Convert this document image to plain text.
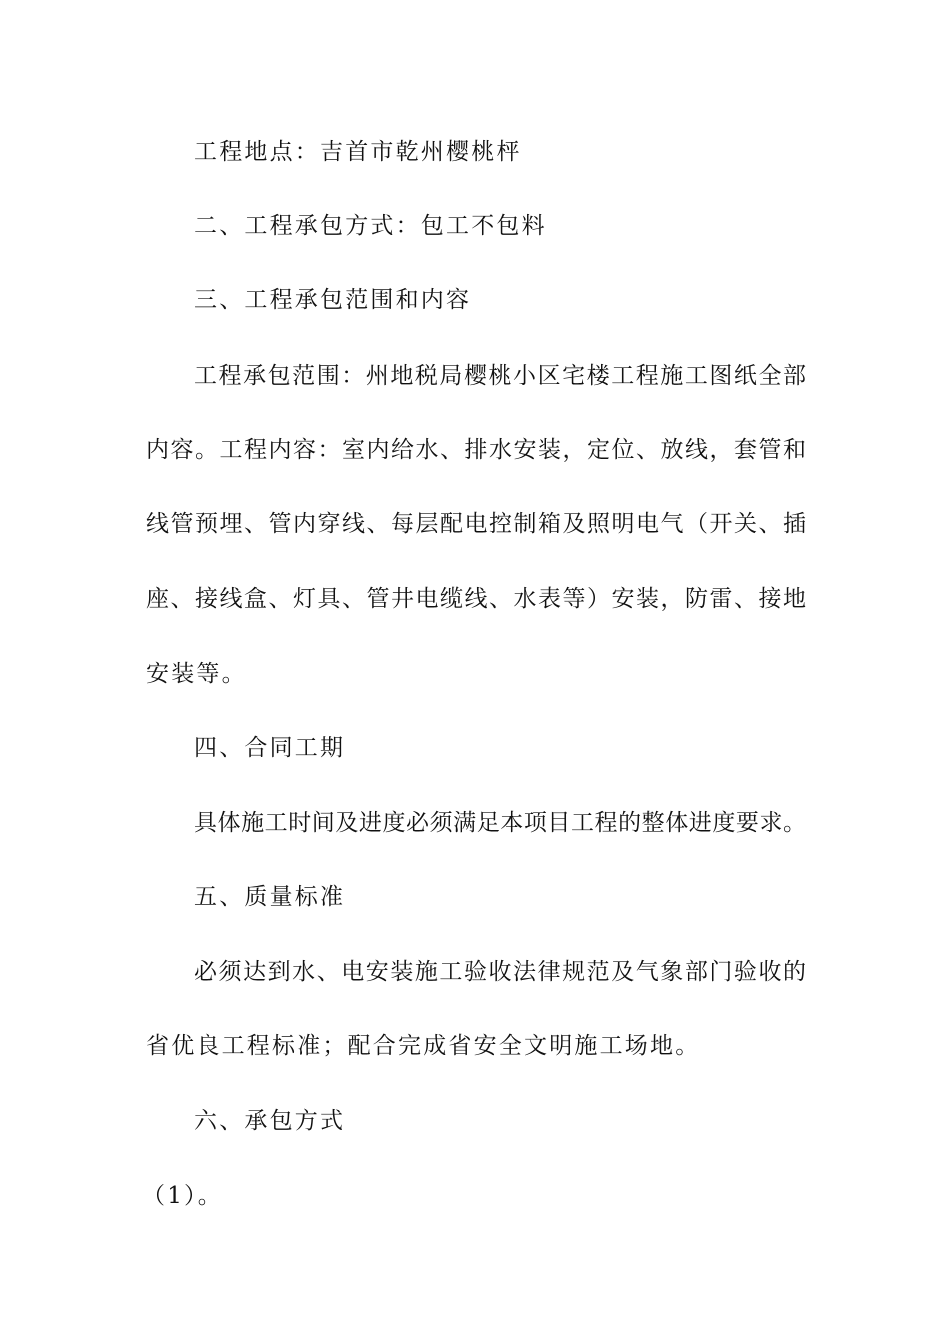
工程地点：吉首市乾州樱桃枰
二、工程承包方式：包工不包料
三、工程承包范围和内容
工程承包范围：州地税局樱桃小区宅楼工程施工图纸全部
内容。工程内容：室内给水、排水安装，定位、放线，套管和
线管预埋、管内穿线、每层配电控制箱及照明电气（开关、插
座、接线盒、灯具、管井电缆线、水表等）安装，防雷、接地
安装等。
四、合同工期
具体施工时间及进度必须满足本项目工程的整体进度要求。
五、质量标准
必须达到水、电安装施工验收法律规范及气象部门验收的
省优良工程标准；配合完成省安全文明施工场地。
六、承包方式
（1）。
